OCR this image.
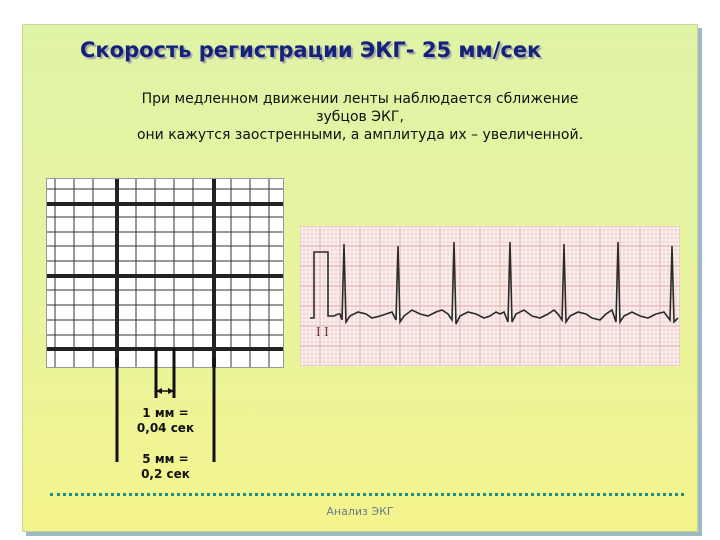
Скорость регистрации ЭКГ- 25 мм/сек
При медленном движении ленты наблюдается сближение
зубцов ЭКГ,
они кажутся заостренными, а амплитуда их – увеличенной.
1 мм =
0,04 сек
5 мм =
0,2 сек
I I
Анализ ЭКГ
